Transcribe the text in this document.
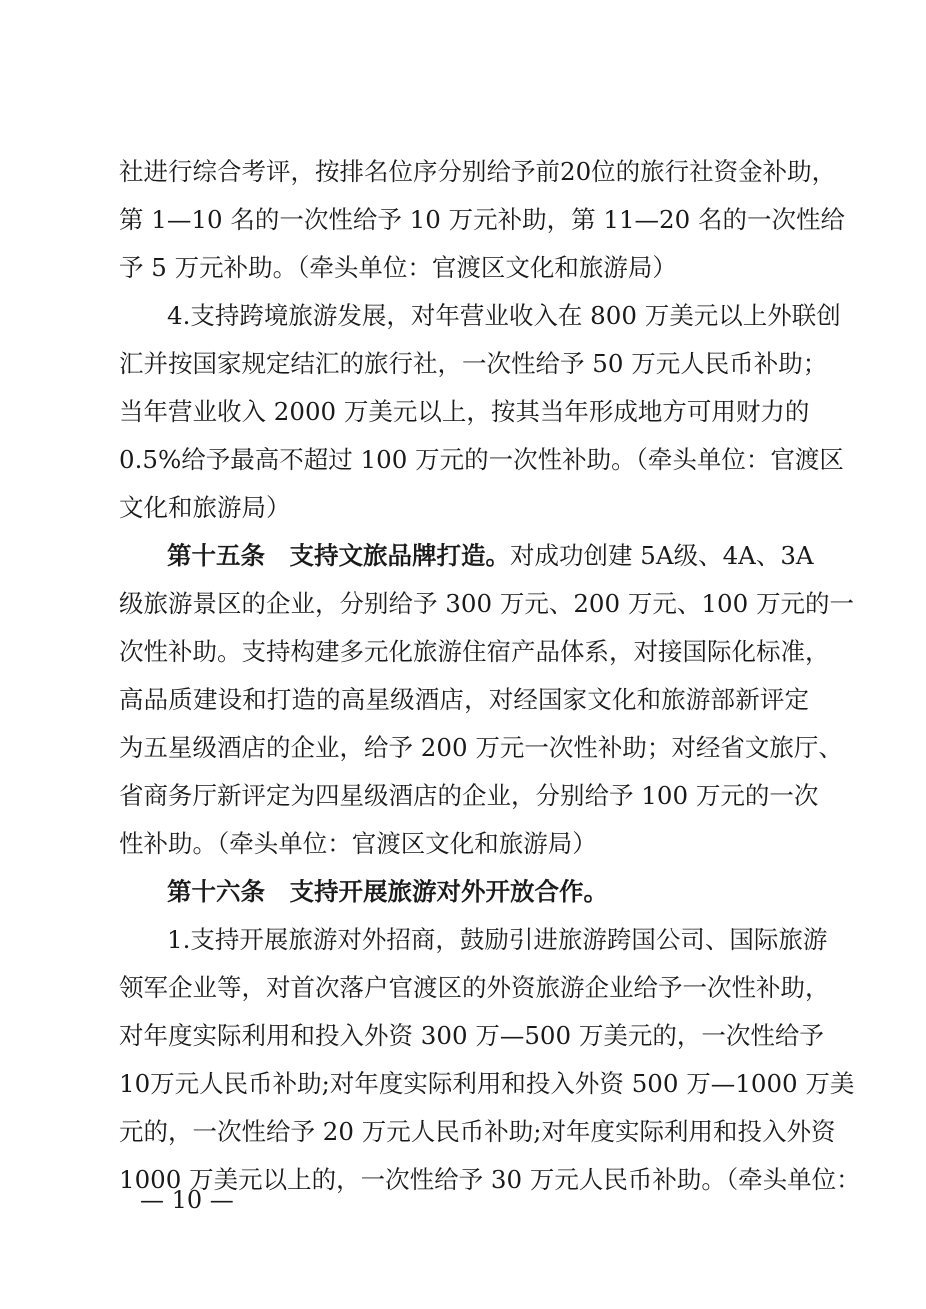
社进行综合考评，按排名位序分别给予前20位的旅行社资金补助，
第 1—10 名的一次性给予 10 万元补助，第 11—20 名的一次性给
予 5 万元补助。（牵头单位：官渡区文化和旅游局）
4.支持跨境旅游发展，对年营业收入在 800 万美元以上外联创
汇并按国家规定结汇的旅行社，一次性给予 50 万元人民币补助；
当年营业收入 2000 万美元以上，按其当年形成地方可用财力的
0.5%给予最高不超过 100 万元的一次性补助。（牵头单位：官渡区
文化和旅游局）
第十五条　支持文旅品牌打造。对成功创建 5A级、4A、3A
级旅游景区的企业，分别给予 300 万元、200 万元、100 万元的一
次性补助。支持构建多元化旅游住宿产品体系，对接国际化标准，
高品质建设和打造的高星级酒店，对经国家文化和旅游部新评定
为五星级酒店的企业，给予 200 万元一次性补助；对经省文旅厅、
省商务厅新评定为四星级酒店的企业，分别给予 100 万元的一次
性补助。（牵头单位：官渡区文化和旅游局）
第十六条　支持开展旅游对外开放合作。
1.支持开展旅游对外招商，鼓励引进旅游跨国公司、国际旅游
领军企业等，对首次落户官渡区的外资旅游企业给予一次性补助，
对年度实际利用和投入外资 300 万—500 万美元的，一次性给予
10万元人民币补助;对年度实际利用和投入外资 500 万—1000 万美
元的，一次性给予 20 万元人民币补助;对年度实际利用和投入外资
1000 万美元以上的，一次性给予 30 万元人民币补助。（牵头单位：
— 10 —
